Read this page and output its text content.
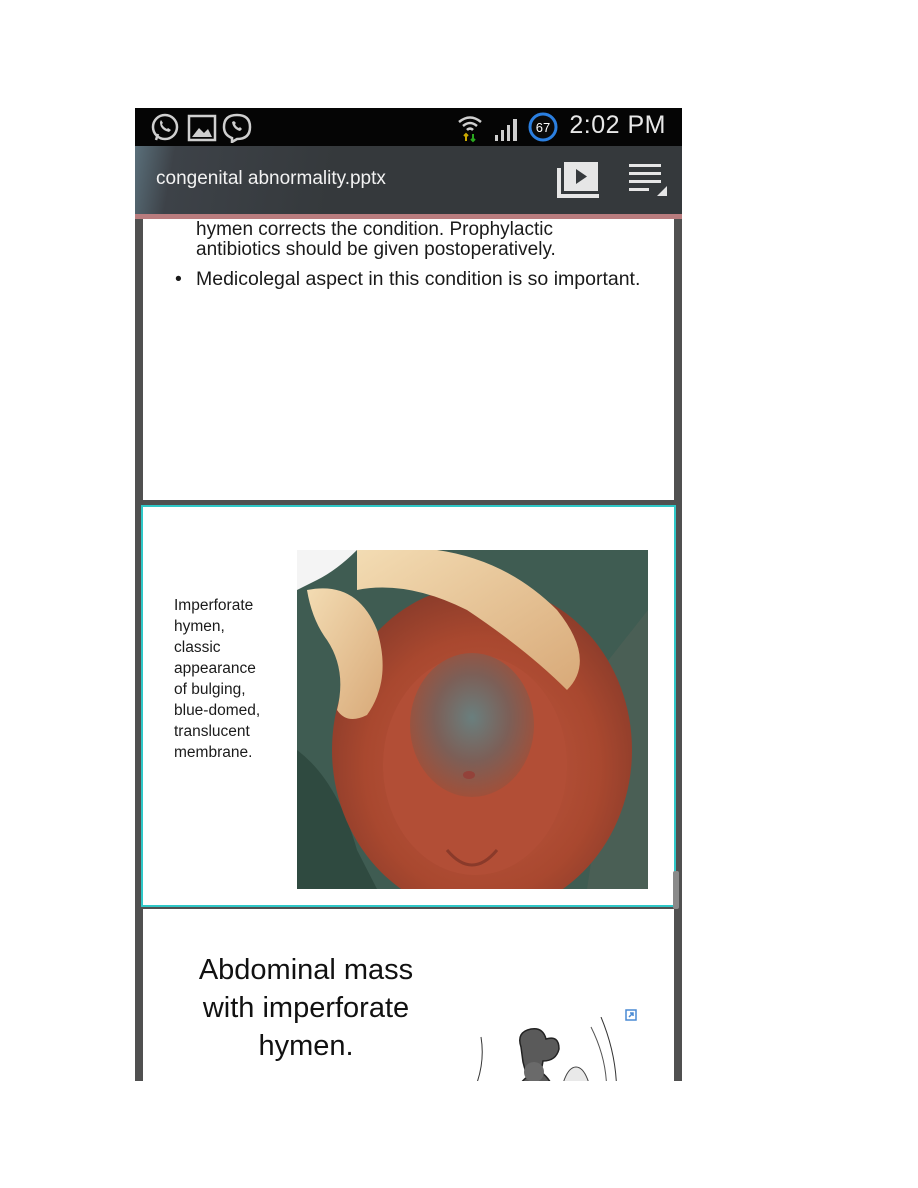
67 2:02 PM
congenital abnormality.pptx
hymen corrects the condition. Prophylactic
antibiotics should be given postoperatively.
• Medicolegal aspect in this condition is so important.
Imperforate
hymen,
classic
appearance
of bulging,
blue-domed,
translucent
membrane.
Abdominal mass
with imperforate
hymen.
